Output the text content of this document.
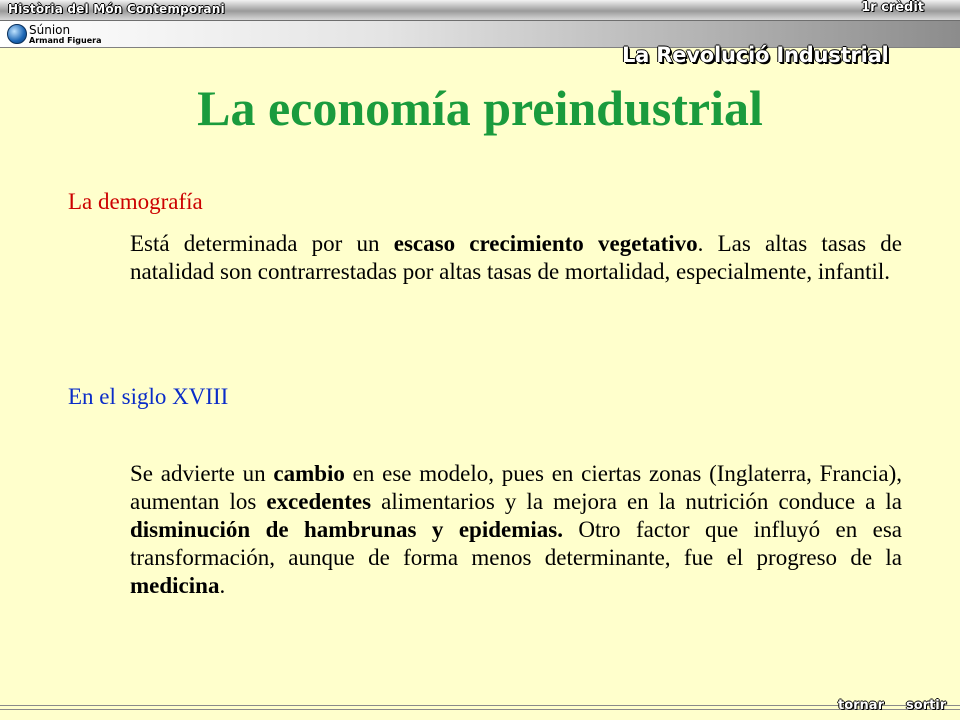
Història del Món Contemporani	1r crèdit
Súnion
Armand Figuera
La Revolució Industrial
La economía preindustrial

La demografía

Está determinada por un escaso crecimiento vegetativo. Las altas tasas de natalidad son contrarrestadas por altas tasas de mortalidad, especialmente, infantil.

En el siglo XVIII

Se advierte un cambio en ese modelo, pues en ciertas zonas (Inglaterra, Francia), aumentan los excedentes alimentarios y la mejora en la nutrición conduce a la disminución de hambrunas y epidemias. Otro factor que influyó en esa transformación, aunque de forma menos determinante, fue el progreso de la medicina.

tornar sortir
